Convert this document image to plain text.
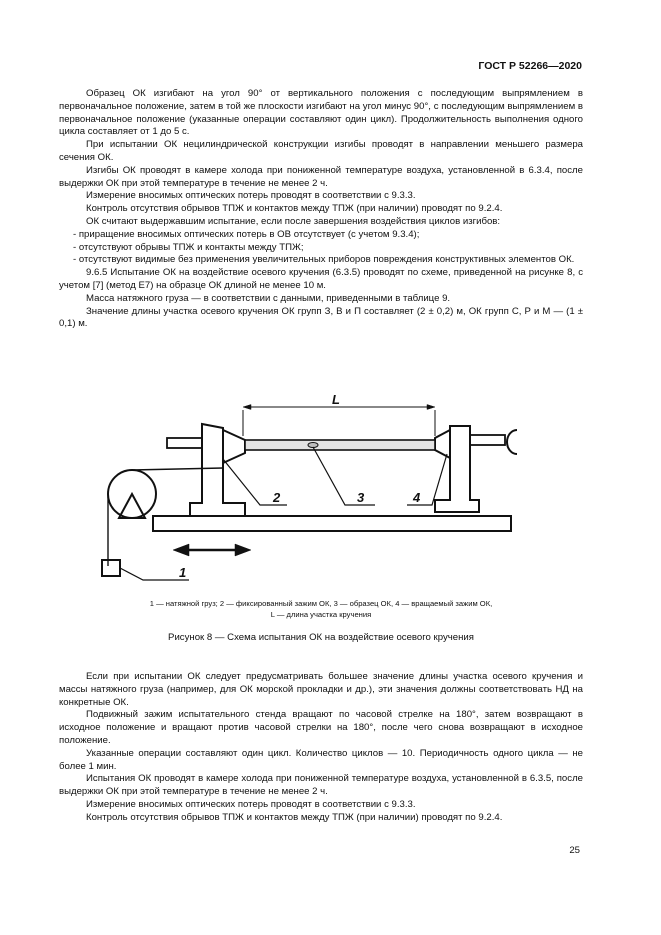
ГОСТ Р 52266—2020

Образец ОК изгибают на угол 90° от вертикального положения с последующим выпрямлением в первоначальное положение, затем в той же плоскости изгибают на угол минус 90°, с последующим выпрямлением в первоначальное положение (указанные операции составляют один цикл). Продолжительность выполнения одного цикла составляет от 1 до 5 с.

При испытании ОК нецилиндрической конструкции изгибы проводят в направлении меньшего размера сечения ОК.

Изгибы ОК проводят в камере холода при пониженной температуре воздуха, установленной в 6.3.4, после выдержки ОК при этой температуре в течение не менее 2 ч.

Измерение вносимых оптических потерь проводят в соответствии с 9.3.3.

Контроль отсутствия обрывов ТПЖ и контактов между ТПЖ (при наличии) проводят по 9.2.4.

ОК считают выдержавшим испытание, если после завершения воздействия циклов изгибов:

- приращение вносимых оптических потерь в ОВ отсутствует (с учетом 9.3.4);

- отсутствуют обрывы ТПЖ и контакты между ТПЖ;

- отсутствуют видимые без применения увеличительных приборов повреждения конструктивных элементов ОК.

9.6.5 Испытание ОК на воздействие осевого кручения (6.3.5) проводят по схеме, приведенной на рисунке 8, с учетом [7] (метод Е7) на образце ОК длиной не менее 10 м.

Масса натяжного груза — в соответствии с данными, приведенными в таблице 9.

Значение длины участка осевого кручения ОК групп З, В и П составляет (2 ± 0,2) м, ОК групп С, Р и М — (1 ± 0,1) м.

L
1
2	3	4
1 — натяжной груз; 2 — фиксированный зажим ОК, 3 — образец ОК, 4 — вращаемый зажим ОК,
L — длина участка кручения
Рисунок 8 — Схема испытания ОК на воздействие осевого кручения

Если при испытании ОК следует предусматривать большее значение длины участка осевого кручения и массы натяжного груза (например, для ОК морской прокладки и др.), эти значения должны соответствовать НД на конкретные ОК.

Подвижный зажим испытательного стенда вращают по часовой стрелке на 180°, затем возвращают в исходное положение и вращают против часовой стрелки на 180°, после чего снова возвращают в исходное положение.

Указанные операции составляют один цикл. Количество циклов — 10. Периодичность одного цикла — не более 1 мин.

Испытания ОК проводят в камере холода при пониженной температуре воздуха, установленной в 6.3.5, после выдержки ОК при этой температуре в течение не менее 2 ч.

Измерение вносимых оптических потерь проводят в соответствии с 9.3.3.

Контроль отсутствия обрывов ТПЖ и контактов между ТПЖ (при наличии) проводят по 9.2.4.

25
